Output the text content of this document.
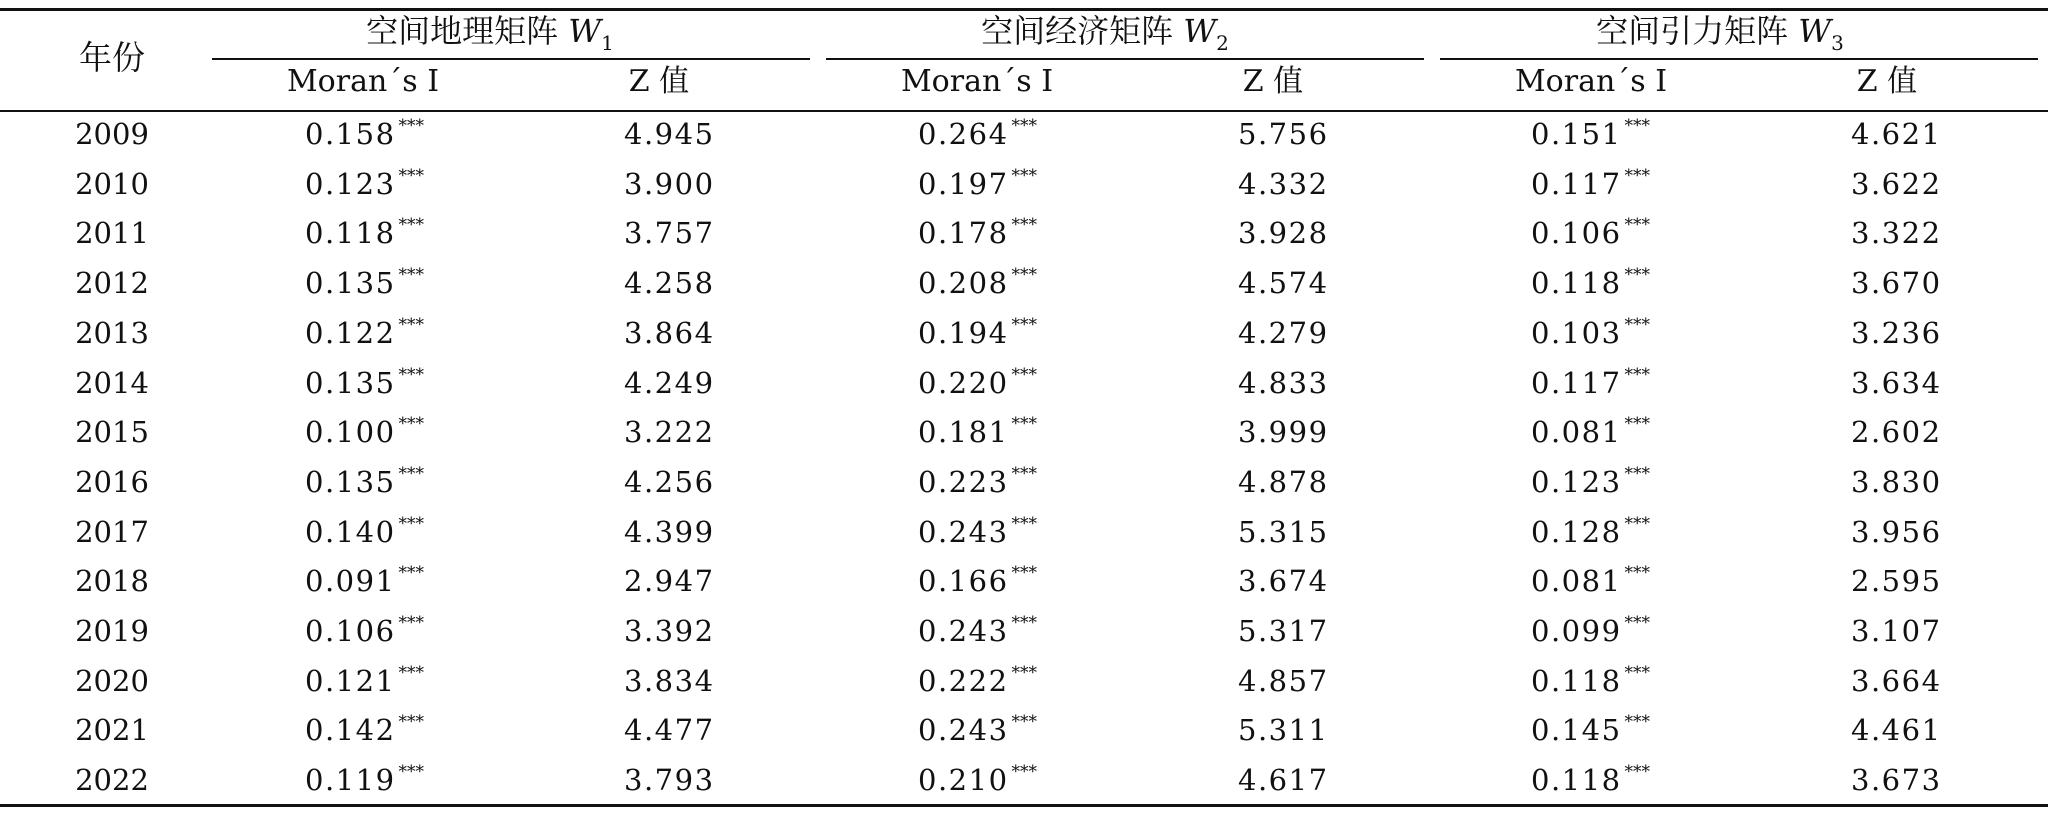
年份
空间地理矩阵 $W_1$	空间经济矩阵 $W_2$	空间引力矩阵 $W_3$
Moran´s I	Z 值	Moran´s I	Z 值	Moran´s I	Z 值
2009	0.158 ***	4.945	0.264 ***	5.756	0.151 ***	4.621
2010	0.123 ***	3.900	0.197 ***	4.332	0.117 ***	3.622
2011	0.118 ***	3.757	0.178 ***	3.928	0.106 ***	3.322
2012	0.135 ***	4.258	0.208 ***	4.574	0.118 ***	3.670
2013	0.122 ***	3.864	0.194 ***	4.279	0.103 ***	3.236
2014	0.135 ***	4.249	0.220 ***	4.833	0.117 ***	3.634
2015	0.100 ***	3.222	0.181 ***	3.999	0.081 ***	2.602
2016	0.135 ***	4.256	0.223 ***	4.878	0.123 ***	3.830
2017	0.140 ***	4.399	0.243 ***	5.315	0.128 ***	3.956
2018	0.091 ***	2.947	0.166 ***	3.674	0.081 ***	2.595
2019	0.106 ***	3.392	0.243 ***	5.317	0.099 ***	3.107
2020	0.121 ***	3.834	0.222 ***	4.857	0.118 ***	3.664
2021	0.142 ***	4.477	0.243 ***	5.311	0.145 ***	4.461
2022	0.119 ***	3.793	0.210 ***	4.617	0.118 ***	3.673
